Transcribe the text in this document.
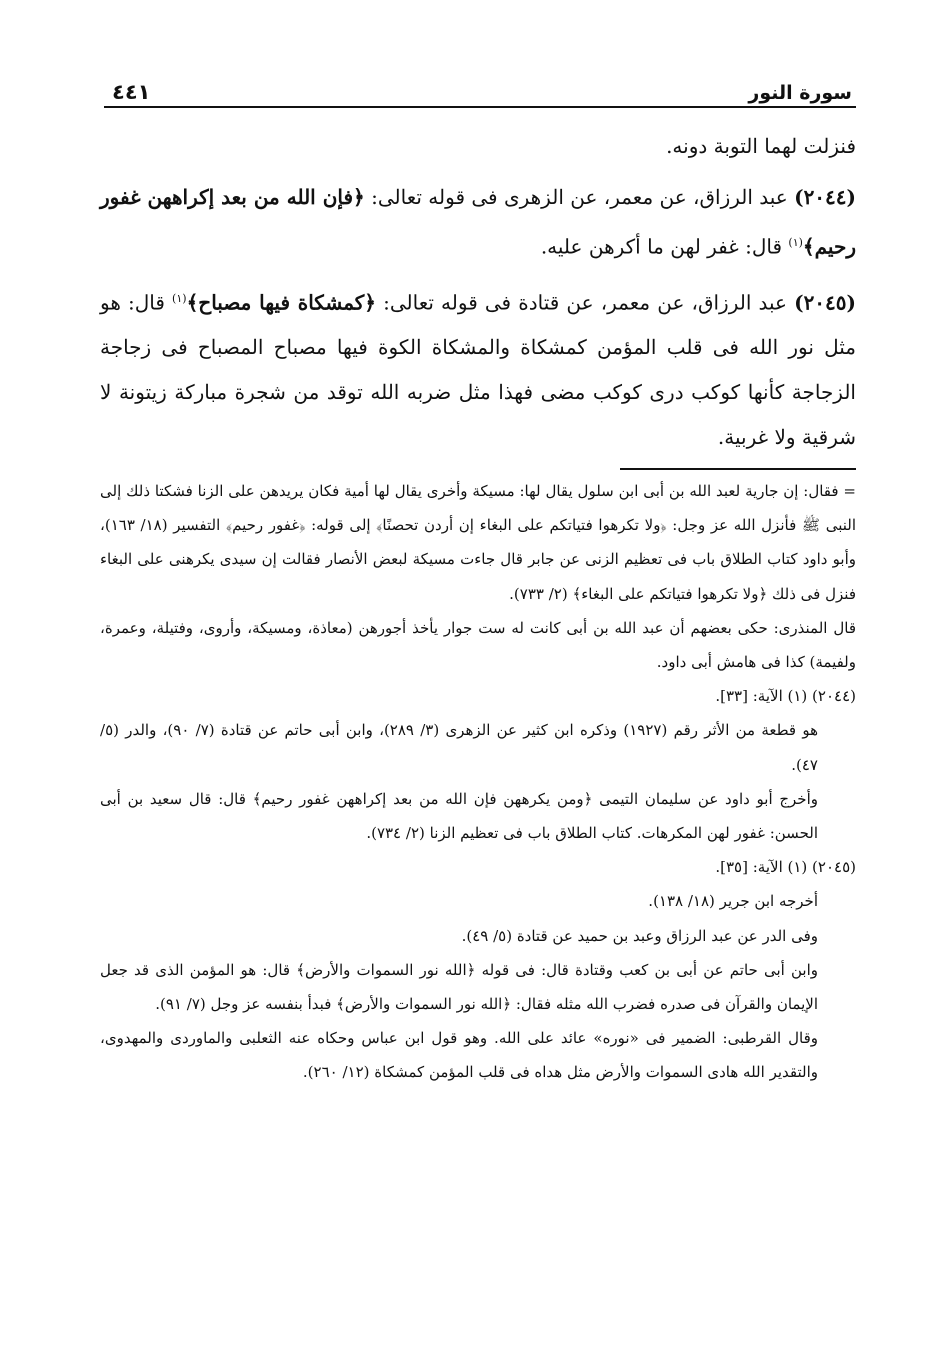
سورة النور
٤٤١

فنزلت لهما التوبة دونه.

(٢٠٤٤) عبد الرزاق، عن معمر، عن الزهرى فى قوله تعالى: ﴿فإن الله من بعد إكراههن غفور رحيم﴾$^{(١)}$ قال: غفر لهن ما أكرهن عليه.

(٢٠٤٥) عبد الرزاق، عن معمر، عن قتادة فى قوله تعالى: ﴿كمشكاة فيها مصباح﴾$^{(١)}$ قال: هو مثل نور الله فى قلب المؤمن كمشكاة والمشكاة الكوة فيها مصباح المصباح فى زجاجة الزجاجة كأنها كوكب درى كوكب مضى فهذا مثل ضربه الله توقد من شجرة مباركة زيتونة لا شرقية ولا غربية.

= فقال: إن جارية لعبد الله بن أبى ابن سلول يقال لها: مسيكة وأخرى يقال لها أمية فكان يريدهن على الزنا فشكتا ذلك إلى النبى ﷺ فأنزل الله عز وجل: ﴿ولا تكرهوا فتياتكم على البغاء إن أردن تحصنًا﴾ إلى قوله: ﴿غفور رحيم﴾ التفسير (١٨/ ١٦٣)، وأبو داود كتاب الطلاق باب فى تعظيم الزنى عن جابر قال جاءت مسيكة لبعض الأنصار فقالت إن سيدى يكرهنى على البغاء فنزل فى ذلك ﴿ولا تكرهوا فتياتكم على البغاء﴾ (٢/ ٧٣٣).

قال المنذرى: حكى بعضهم أن عبد الله بن أبى كانت له ست جوار يأخذ أجورهن (معاذة، ومسيكة، وأروى، وفتيلة، وعمرة، ولفيمة) كذا فى هامش أبى داود.

(٢٠٤٤) (١) الآية: [٣٣].

هو قطعة من الأثر رقم (١٩٢٧) وذكره ابن كثير عن الزهرى (٣/ ٢٨٩)، وابن أبى حاتم عن قتادة (٧/ ٩٠)، والدر (٥/ ٤٧).

وأخرج أبو داود عن سليمان التيمى ﴿ومن يكرههن فإن الله من بعد إكراههن غفور رحيم﴾ قال: قال سعيد بن أبى الحسن: غفور لهن المكرهات. كتاب الطلاق باب فى تعظيم الزنا (٢/ ٧٣٤).

(٢٠٤٥) (١) الآية: [٣٥].

أخرجه ابن جرير (١٨/ ١٣٨).

وفى الدر عن عبد الرزاق وعبد بن حميد عن قتادة (٥/ ٤٩).

وابن أبى حاتم عن أبى بن كعب وقتادة قال: فى قوله ﴿الله نور السموات والأرض﴾ قال: هو المؤمن الذى قد جعل الإيمان والقرآن فى صدره فضرب الله مثله فقال: ﴿الله نور السموات والأرض﴾ فبدأ بنفسه عز وجل (٧/ ٩١).

وقال القرطبى: الضمير فى «نوره» عائد على الله. وهو قول ابن عباس وحكاه عنه الثعلبى والماوردى والمهدوى، والتقدير الله هادى السموات والأرض مثل هداه فى قلب المؤمن كمشكاة (١٢/ ٢٦٠).
